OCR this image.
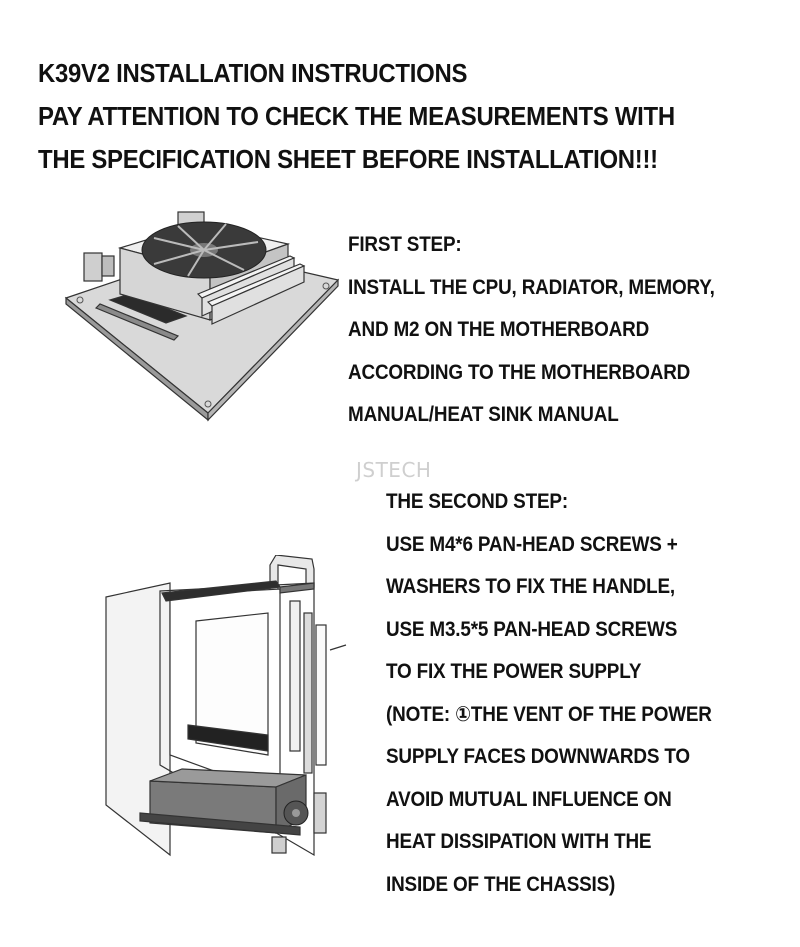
K39V2 INSTALLATION INSTRUCTIONS
PAY ATTENTION TO CHECK THE MEASUREMENTS WITH
THE SPECIFICATION SHEET BEFORE INSTALLATION!!!
FIRST STEP:
INSTALL THE CPU, RADIATOR, MEMORY,
AND M2 ON THE MOTHERBOARD
ACCORDING TO THE MOTHERBOARD
MANUAL/HEAT SINK MANUAL
JSTECH
THE SECOND STEP:
USE M4*6 PAN-HEAD SCREWS +
WASHERS TO FIX THE HANDLE,
USE M3.5*5 PAN-HEAD SCREWS
TO FIX THE POWER SUPPLY
(NOTE: ①THE VENT OF THE POWER
SUPPLY FACES DOWNWARDS TO
AVOID MUTUAL INFLUENCE ON
HEAT DISSIPATION WITH THE
INSIDE OF THE CHASSIS)
